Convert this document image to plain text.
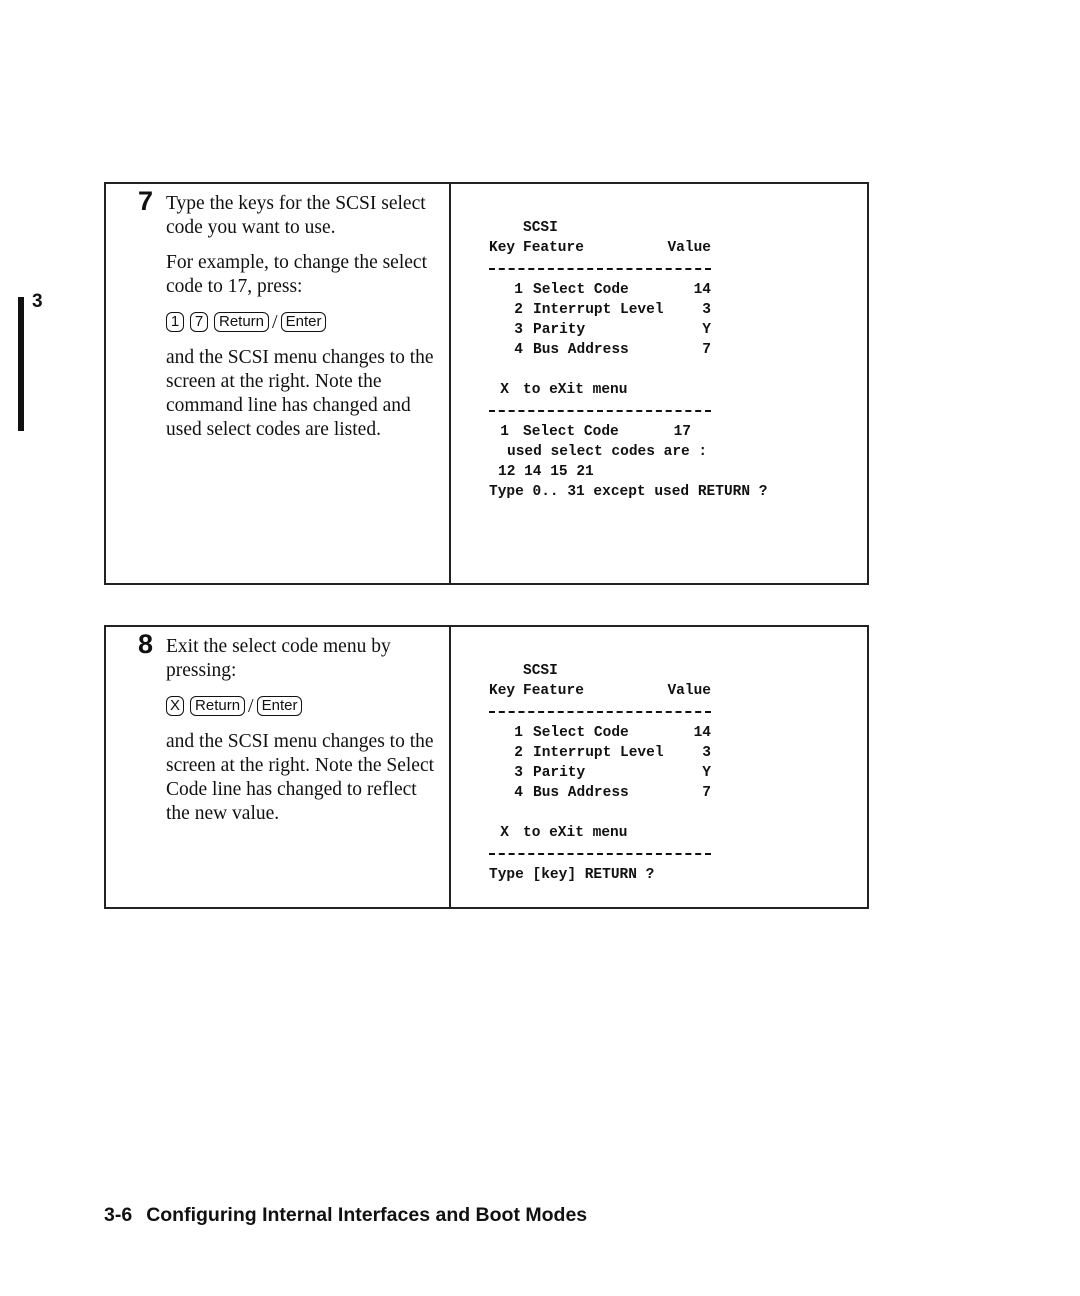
3
7 Type the keys for the SCSI select code you want to use.

For example, to change the select code to 17, press:

1	7	Return / Enter

and the SCSI menu changes to the screen at the right. Note the command line has changed and used select codes are listed.

SCSI
Key Feature	Value
1 Select Code	14
2 Interrupt Level	3
3 Parity	Y
4 Bus Address	7
X to eXit menu
1 Select Code	17
used select codes are :
12 14 15 21
Type 0.. 31 except used RETURN ?
8 Exit the select code menu by pressing:

X	Return / Enter

and the SCSI menu changes to the screen at the right. Note the Select Code line has changed to reflect the new value.

SCSI
Key Feature	Value
1 Select Code	14
2 Interrupt Level	3
3 Parity	Y
4 Bus Address	7
X to eXit menu
Type [key] RETURN ?
3-6 Configuring Internal Interfaces and Boot Modes
